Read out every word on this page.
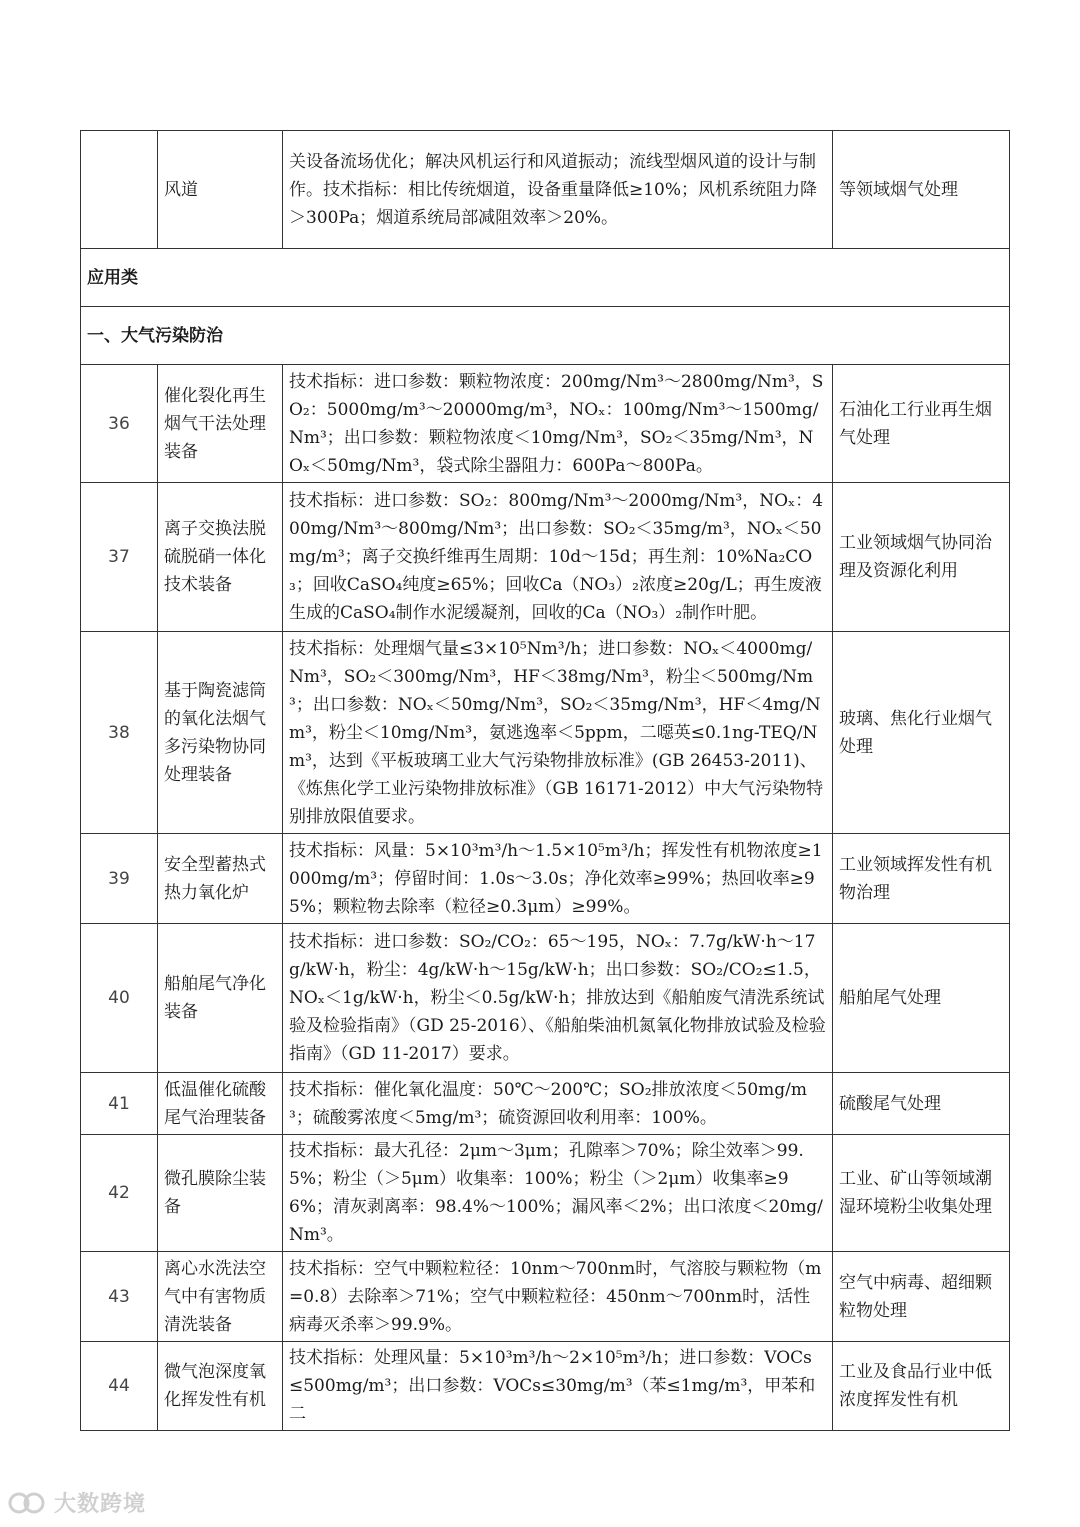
	风道	关设备流场优化；解决风机运行和风道振动；流线型烟风道的设计与制作。技术指标：相比传统烟道，设备重量降低≥10%；风机系统阻力降＞300Pa；烟道系统局部减阻效率＞20%。	等领域烟气处理
应用类			
一、大气污染防治			
36	催化裂化再生烟气干法处理装备	技术指标：进口参数：颗粒物浓度：200mg/Nm³～2800mg/Nm³，SO₂：5000mg/m³～20000mg/m³，NOₓ：100mg/Nm³～1500mg/Nm³；出口参数：颗粒物浓度＜10mg/Nm³，SO₂＜35mg/Nm³，NOₓ＜50mg/Nm³，袋式除尘器阻力：600Pa～800Pa。	石油化工行业再生烟气处理
37	离子交换法脱硫脱硝一体化技术装备	技术指标：进口参数：SO₂：800mg/Nm³～2000mg/Nm³，NOₓ：400mg/Nm³～800mg/Nm³；出口参数：SO₂＜35mg/m³，NOₓ＜50mg/m³；离子交换纤维再生周期：10d～15d；再生剂：10%Na₂CO₃；回收CaSO₄纯度≥65%；回收Ca（NO₃）₂浓度≥20g/L；再生废液生成的CaSO₄制作水泥缓凝剂，回收的Ca（NO₃）₂制作叶肥。	工业领域烟气协同治理及资源化利用
38	基于陶瓷滤筒的氧化法烟气多污染物协同处理装备	技术指标：处理烟气量≤3×10⁵Nm³/h；进口参数：NOₓ＜4000mg/Nm³，SO₂＜300mg/Nm³，HF＜38mg/Nm³，粉尘＜500mg/Nm³；出口参数：NOₓ＜50mg/Nm³，SO₂＜35mg/Nm³，HF＜4mg/Nm³，粉尘＜10mg/Nm³，氨逃逸率＜5ppm，二噁英≤0.1ng-TEQ/Nm³，达到《平板玻璃工业大气污染物排放标准》(GB 26453-2011)、《炼焦化学工业污染物排放标准》（GB 16171-2012）中大气污染物特别排放限值要求。	玻璃、焦化行业烟气处理
39	安全型蓄热式热力氧化炉	技术指标：风量：5×10³m³/h～1.5×10⁵m³/h；挥发性有机物浓度≥1000mg/m³；停留时间：1.0s～3.0s；净化效率≥99%；热回收率≥95%；颗粒物去除率（粒径≥0.3μm）≥99%。	工业领域挥发性有机物治理
40	船舶尾气净化装备	技术指标：进口参数：SO₂/CO₂：65～195，NOₓ：7.7g/kW·h～17g/kW·h，粉尘：4g/kW·h～15g/kW·h；出口参数：SO₂/CO₂≤1.5，NOₓ＜1g/kW·h，粉尘＜0.5g/kW·h；排放达到《船舶废气清洗系统试验及检验指南》（GD 25-2016）、《船舶柴油机氮氧化物排放试验及检验指南》（GD 11-2017）要求。	船舶尾气处理
41	低温催化硫酸尾气治理装备	技术指标：催化氧化温度：50℃～200℃；SO₂排放浓度＜50mg/m³；硫酸雾浓度＜5mg/m³；硫资源回收利用率：100%。	硫酸尾气处理
42	微孔膜除尘装备	技术指标：最大孔径：2μm～3μm；孔隙率＞70%；除尘效率＞99.5%；粉尘（＞5μm）收集率：100%；粉尘（＞2μm）收集率≥96%；清灰剥离率：98.4%～100%；漏风率＜2%；出口浓度＜20mg/Nm³。	工业、矿山等领域潮湿环境粉尘收集处理
43	离心水洗法空气中有害物质清洗装备	技术指标：空气中颗粒粒径：10nm～700nm时，气溶胶与颗粒物（m=0.8）去除率＞71%；空气中颗粒粒径：450nm～700nm时，活性病毒灭杀率＞99.9%。	空气中病毒、超细颗粒物处理
44	微气泡深度氧化挥发性有机	技术指标：处理风量：5×10³m³/h～2×10⁵m³/h；进口参数：VOCs≤500mg/m³；出口参数：VOCs≤30mg/m³（苯≤1mg/m³，甲苯和二	工业及食品行业中低浓度挥发性有机
大数跨境
